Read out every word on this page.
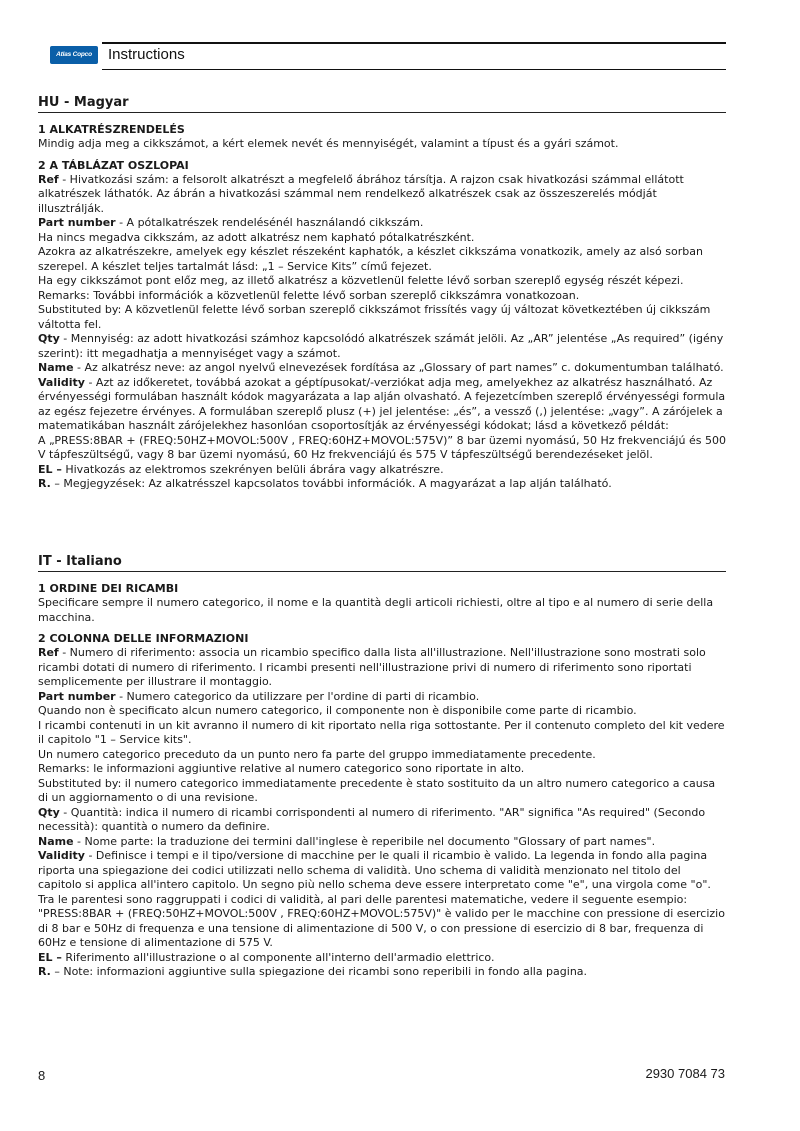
Atlas Copco	Instructions
HU - Magyar
1 ALKATRÉSZRENDELÉS

Mindig adja meg a cikkszámot, a kért elemek nevét és mennyiségét, valamint a típust és a gyári számot.

2 A TÁBLÁZAT OSZLOPAI

Ref - Hivatkozási szám: a felsorolt alkatrészt a megfelelő ábrához társítja. A rajzon csak hivatkozási számmal ellátott alkatrészek láthatók. Az ábrán a hivatkozási számmal nem rendelkező alkatrészek csak az összeszerelés módját illusztrálják.

Part number - A pótalkatrészek rendelésénél használandó cikkszám.

Ha nincs megadva cikkszám, az adott alkatrész nem kapható pótalkatrészként.

Azokra az alkatrészekre, amelyek egy készlet részeként kaphatók, a készlet cikkszáma vonatkozik, amely az alsó sorban szerepel. A készlet teljes tartalmát lásd: „1 – Service Kits” című fejezet.

Ha egy cikkszámot pont előz meg, az illető alkatrész a közvetlenül felette lévő sorban szereplő egység részét képezi.

Remarks: További információk a közvetlenül felette lévő sorban szereplő cikkszámra vonatkozoan.

Substituted by: A közvetlenül felette lévő sorban szereplő cikkszámot frissítés vagy új változat következtében új cikkszám váltotta fel.

Qty - Mennyiség: az adott hivatkozási számhoz kapcsolódó alkatrészek számát jelöli. Az „AR” jelentése „As required” (igény szerint): itt megadhatja a mennyiséget vagy a számot.

Name - Az alkatrész neve: az angol nyelvű elnevezések fordítása az „Glossary of part names” c. dokumentumban található.

Validity - Azt az időkeretet, továbbá azokat a géptípusokat/-verziókat adja meg, amelyekhez az alkatrész használható. Az érvényességi formulában használt kódok magyarázata a lap alján olvasható. A fejezetcímben szereplő érvényességi formula az egész fejezetre érvényes. A formulában szereplő plusz (+) jel jelentése: „és”, a vessző (,) jelentése: „vagy”. A zárójelek a matematikában használt zárójelekhez hasonlóan csoportosítják az érvényességi kódokat; lásd a következő példát:

A „PRESS:8BAR + (FREQ:50HZ+MOVOL:500V , FREQ:60HZ+MOVOL:575V)” 8 bar üzemi nyomású, 50 Hz frekvenciájú és 500 V tápfeszültségű, vagy 8 bar üzemi nyomású, 60 Hz frekvenciájú és 575 V tápfeszültségű berendezéseket jelöl.

EL – Hivatkozás az elektromos szekrényen belüli ábrára vagy alkatrészre.

R. – Megjegyzések: Az alkatrésszel kapcsolatos további információk. A magyarázat a lap alján található.

IT - Italiano
1 ORDINE DEI RICAMBI

Specificare sempre il numero categorico, il nome e la quantità degli articoli richiesti, oltre al tipo e al numero di serie della macchina.

2 COLONNA DELLE INFORMAZIONI

Ref - Numero di riferimento: associa un ricambio specifico dalla lista all'illustrazione. Nell'illustrazione sono mostrati solo ricambi dotati di numero di riferimento. I ricambi presenti nell'illustrazione privi di numero di riferimento sono riportati semplicemente per illustrare il montaggio.

Part number - Numero categorico da utilizzare per l'ordine di parti di ricambio.

Quando non è specificato alcun numero categorico, il componente non è disponibile come parte di ricambio.

I ricambi contenuti in un kit avranno il numero di kit riportato nella riga sottostante. Per il contenuto completo del kit vedere il capitolo "1 – Service kits".

Un numero categorico preceduto da un punto nero fa parte del gruppo immediatamente precedente.

Remarks: le informazioni aggiuntive relative al numero categorico sono riportate in alto.

Substituted by: il numero categorico immediatamente precedente è stato sostituito da un altro numero categorico a causa di un aggiornamento o di una revisione.

Qty - Quantità: indica il numero di ricambi corrispondenti al numero di riferimento. "AR" significa "As required" (Secondo necessità): quantità o numero da definire.

Name - Nome parte: la traduzione dei termini dall'inglese è reperibile nel documento "Glossary of part names".

Validity - Definisce i tempi e il tipo/versione di macchine per le quali il ricambio è valido. La legenda in fondo alla pagina riporta una spiegazione dei codici utilizzati nello schema di validità. Uno schema di validità menzionato nel titolo del capitolo si applica all'intero capitolo. Un segno più nello schema deve essere interpretato come "e", una virgola come "o". Tra le parentesi sono raggruppati i codici di validità, al pari delle parentesi matematiche, vedere il seguente esempio:

"PRESS:8BAR + (FREQ:50HZ+MOVOL:500V , FREQ:60HZ+MOVOL:575V)" è valido per le macchine con pressione di esercizio di 8 bar e 50Hz di frequenza e una tensione di alimentazione di 500 V, o con pressione di esercizio di 8 bar, frequenza di 60Hz e tensione di alimentazione di 575 V.

EL – Riferimento all'illustrazione o al componente all'interno dell'armadio elettrico.

R. – Note: informazioni aggiuntive sulla spiegazione dei ricambi sono reperibili in fondo alla pagina.

8	2930 7084 73
